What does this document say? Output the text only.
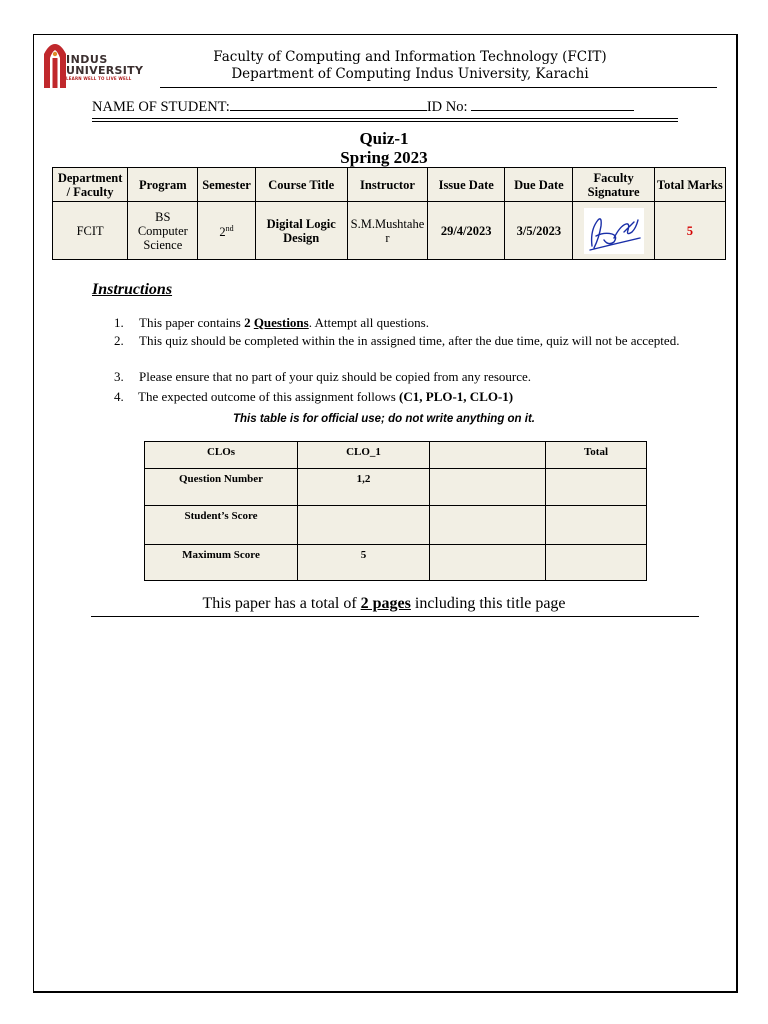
INDUS
UNIVERSITY
LEARN WELL TO LIVE WELL
Faculty of Computing and Information Technology (FCIT)
Department of Computing Indus University, Karachi
NAME OF STUDENT:	ID No:
Quiz-1
Spring 2023
Department / Faculty	Program	Semester	Course Title	Instructor	Issue Date	Due Date	Faculty Signature	Total Marks
FCIT	BS Computer Science	2nd	Digital Logic Design	S.M.Mushtaher	29/4/2023	3/5/2023		5
Instructions
1. This paper contains 2 Questions. Attempt all questions.
2. This quiz should be completed within the in assigned time, after the due time, quiz will not be accepted.
3. Please ensure that no part of your quiz should be copied from any resource.
4. The expected outcome of this assignment follows (C1, PLO-1, CLO-1)
This table is for official use; do not write anything on it.
CLOs	CLO_1		Total
Question Number	1,2		
Student’s Score			
Maximum Score	5		
This paper has a total of 2 pages including this title page
